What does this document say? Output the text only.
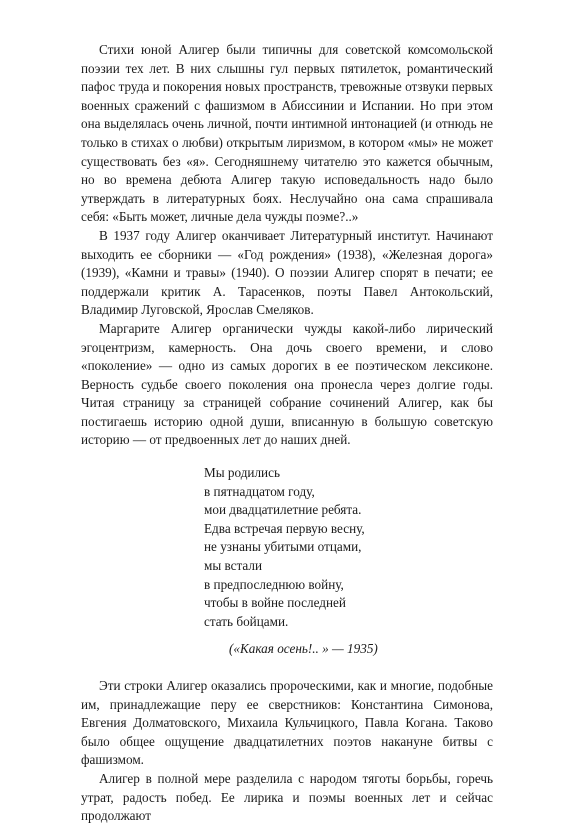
Стихи юной Алигер были типичны для советской комсомольской поэзии тех лет. В них слышны гул первых пятилеток, романтический пафос труда и покорения новых пространств, тревожные отзвуки первых военных сражений с фашизмом в Абиссинии и Испании. Но при этом она выделялась очень личной, почти интимной интонацией (и отнюдь не только в стихах о любви) открытым лиризмом, в котором «мы» не может существовать без «я». Сегодняшнему читателю это кажется обычным, но во времена дебюта Алигер такую исповедальность надо было утверждать в литературных боях. Неслучайно она сама спрашивала себя: «Быть может, личные дела чужды поэме?..»

В 1937 году Алигер оканчивает Литературный институт. Начинают выходить ее сборники — «Год рождения» (1938), «Железная дорога» (1939), «Камни и травы» (1940). О поэзии Алигер спорят в печати; ее поддержали критик А. Тарасенков, поэты Павел Антокольский, Владимир Луговской, Ярослав Смеляков.

Маргарите Алигер органически чужды какой-либо лирический эгоцентризм, камерность. Она дочь своего времени, и слово «поколение» — одно из самых дорогих в ее поэтическом лексиконе. Верность судьбе своего поколения она пронесла через долгие годы. Читая страницу за страницей собрание сочинений Алигер, как бы постигаешь историю одной души, вписанную в большую советскую историю — от предвоенных лет до наших дней.

Мы родились
в пятнадцатом году,
мои двадцатилетние ребята.
Едва встречая первую весну,
не узнаны убитыми отцами,
мы встали
в предпоследнюю войну,
чтобы в войне последней
стать бойцами.

(«Какая осень!.. » — 1935)

Эти строки Алигер оказались пророческими, как и многие, подобные им, принадлежащие перу ее сверстников: Константина Симонова, Евгения Долматовского, Михаила Кульчицкого, Павла Когана. Таково было общее ощущение двадцатилетних поэтов накануне битвы с фашизмом.

Алигер в полной мере разделила с народом тяготы борьбы, горечь утрат, радость побед. Ее лирика и поэмы военных лет и сейчас продолжают
